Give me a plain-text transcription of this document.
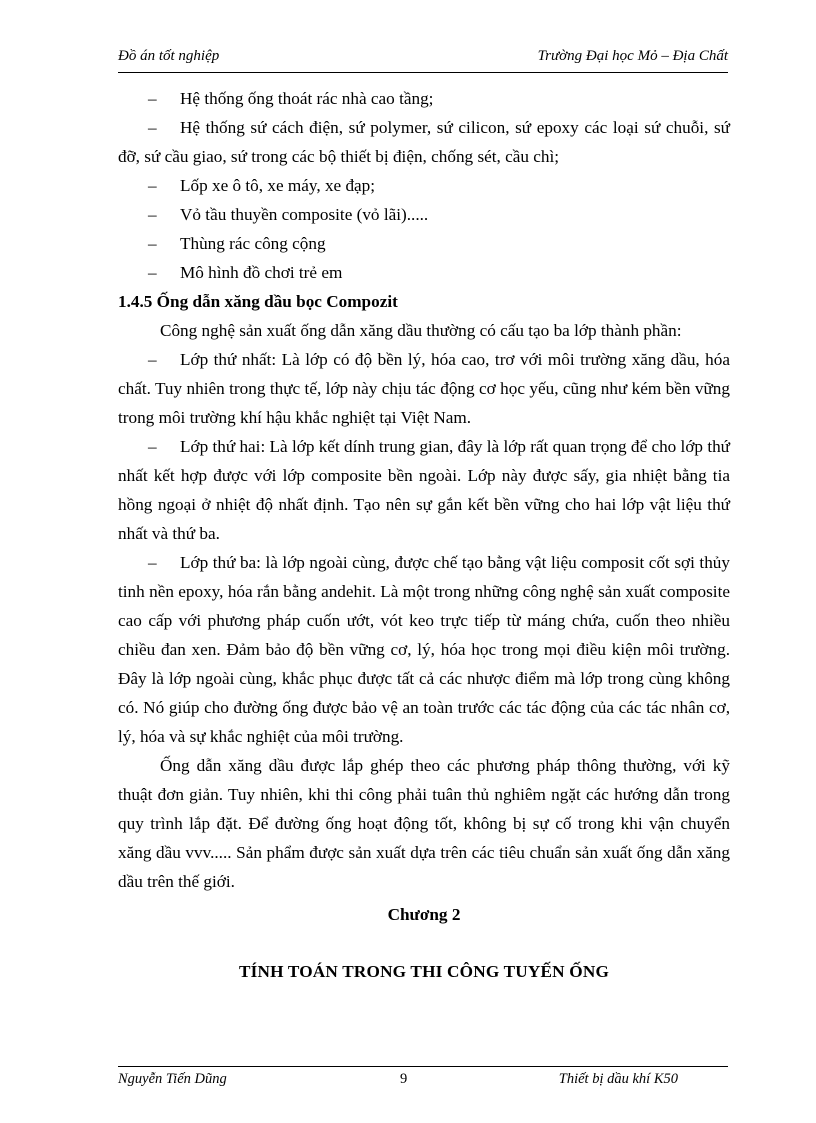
Đồ án tốt nghiệp	Trường Đại học Mỏ – Địa Chất

– Hệ thống ống thoát rác nhà cao tầng;

– Hệ thống sứ cách điện, sứ polymer, sứ cilicon, sứ epoxy các loại sứ chuỗi, sứ đỡ, sứ cầu giao, sứ trong các bộ thiết bị điện, chống sét, cầu chì;

– Lốp xe ô tô, xe máy, xe đạp;

– Vỏ tầu thuyền composite (vỏ lãi).....

– Thùng rác công cộng

– Mô hình đồ chơi trẻ em

1.4.5 Ống dẫn xăng dầu bọc Compozit

Công nghệ sản xuất ống dẫn xăng dầu thường có cấu tạo ba lớp thành phần:

– Lớp thứ nhất: Là lớp có độ bền lý, hóa cao, trơ với môi trường xăng dầu, hóa chất. Tuy nhiên trong thực tế, lớp này chịu tác động cơ học yếu, cũng như kém bền vững trong môi trường khí hậu khắc nghiệt tại Việt Nam.

– Lớp thứ hai: Là lớp kết dính trung gian, đây là lớp rất quan trọng để cho lớp thứ nhất kết hợp được với lớp composite bền ngoài. Lớp này được sấy, gia nhiệt bằng tia hồng ngoại ở nhiệt độ nhất định. Tạo nên sự gắn kết bền vững cho hai lớp vật liệu thứ nhất và thứ ba.

– Lớp thứ ba: là lớp ngoài cùng, được chế tạo bằng vật liệu composit cốt sợi thủy tinh nền epoxy, hóa rắn bằng andehit. Là một trong những công nghệ sản xuất composite cao cấp với phương pháp cuốn ướt, vót keo trực tiếp từ máng chứa, cuốn theo nhiều chiều đan xen. Đảm bảo độ bền vững cơ, lý, hóa học trong mọi điều kiện môi trường. Đây là lớp ngoài cùng, khắc phục được tất cả các nhược điểm mà lớp trong cùng không có. Nó giúp cho đường ống được bảo vệ an toàn trước các tác động của các tác nhân cơ, lý, hóa và sự khắc nghiệt của môi trường.

Ống dẫn xăng dầu được lắp ghép theo các phương pháp thông thường, với kỹ thuật đơn giản. Tuy nhiên, khi thi công phải tuân thủ nghiêm ngặt các hướng dẫn trong quy trình lắp đặt. Để đường ống hoạt động tốt, không bị sự cố trong khi vận chuyển xăng dầu vvv..... Sản phẩm được sản xuất dựa trên các tiêu chuẩn sản xuất ống dẫn xăng dầu trên thế giới.

Chương 2

TÍNH TOÁN TRONG THI CÔNG TUYẾN ỐNG

Nguyễn Tiến Dũng	9	Thiết bị dầu khí K50
